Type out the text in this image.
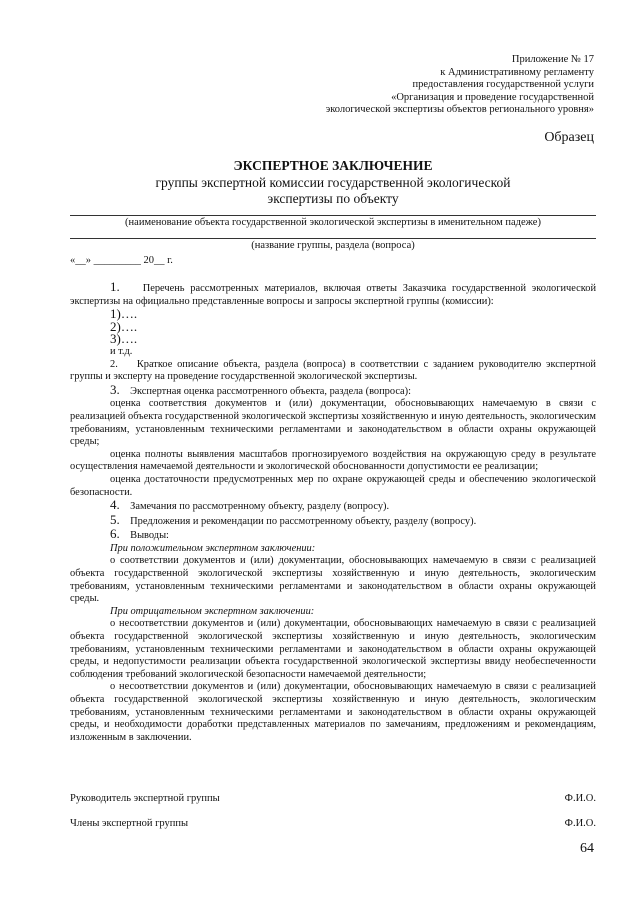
Приложение № 17
к Административному регламенту
предоставления государственной услуги
«Организация и проведение государственной
экологической экспертизы объектов регионального уровня»
Образец
ЭКСПЕРТНОЕ ЗАКЛЮЧЕНИЕ
группы экспертной комиссии государственной экологической
экспертизы по объекту
(наименование объекта государственной экологической экспертизы в именительном падеже)
(название группы, раздела (вопроса)
«__» _________ 20__ г.

1. Перечень рассмотренных материалов, включая ответы Заказчика государственной экологической экспертизы на официально представленные вопросы и запросы экспертной группы (комиссии):

1)….

2)….

3)….

и т.д.

2. Краткое описание объекта, раздела (вопроса) в соответствии с заданием руководителю экспертной группы и эксперту на проведение государственной экологической экспертизы.

3. Экспертная оценка рассмотренного объекта, раздела (вопроса):

оценка соответствия документов и (или) документации, обосновывающих намечаемую в связи с реализацией объекта государственной экологической экспертизы хозяйственную и иную деятельность, экологическим требованиям, установленным техническими регламентами и законодательством в области охраны окружающей среды;

оценка полноты выявления масштабов прогнозируемого воздействия на окружающую среду в результате осуществления намечаемой деятельности и экологической обоснованности допустимости ее реализации;

оценка достаточности предусмотренных мер по охране окружающей среды и обеспечению экологической безопасности.

4. Замечания по рассмотренному объекту, разделу (вопросу).

5. Предложения и рекомендации по рассмотренному объекту, разделу (вопросу).

6. Выводы:

При положительном экспертном заключении:

о соответствии документов и (или) документации, обосновывающих намечаемую в связи с реализацией объекта государственной экологической экспертизы хозяйственную и иную деятельность, экологическим требованиям, установленным техническими регламентами и законодательством в области охраны окружающей среды.

При отрицательном экспертном заключении:

о несоответствии документов и (или) документации, обосновывающих намечаемую в связи с реализацией объекта государственной экологической экспертизы хозяйственную и иную деятельность, экологическим требованиям, установленным техническими регламентами и законодательством в области охраны окружающей среды, и недопустимости реализации объекта государственной экологической экспертизы ввиду необеспеченности соблюдения требований экологической безопасности намечаемой деятельности;

о несоответствии документов и (или) документации, обосновывающих намечаемую в связи с реализацией объекта государственной экологической экспертизы хозяйственную и иную деятельность, экологическим требованиям, установленным техническими регламентами и законодательством в области охраны окружающей среды, и необходимости доработки представленных материалов по замечаниям, предложениям и рекомендациям, изложенным в заключении.

Руководитель экспертной группы	Ф.И.О.
Члены экспертной группы	Ф.И.О.
64
